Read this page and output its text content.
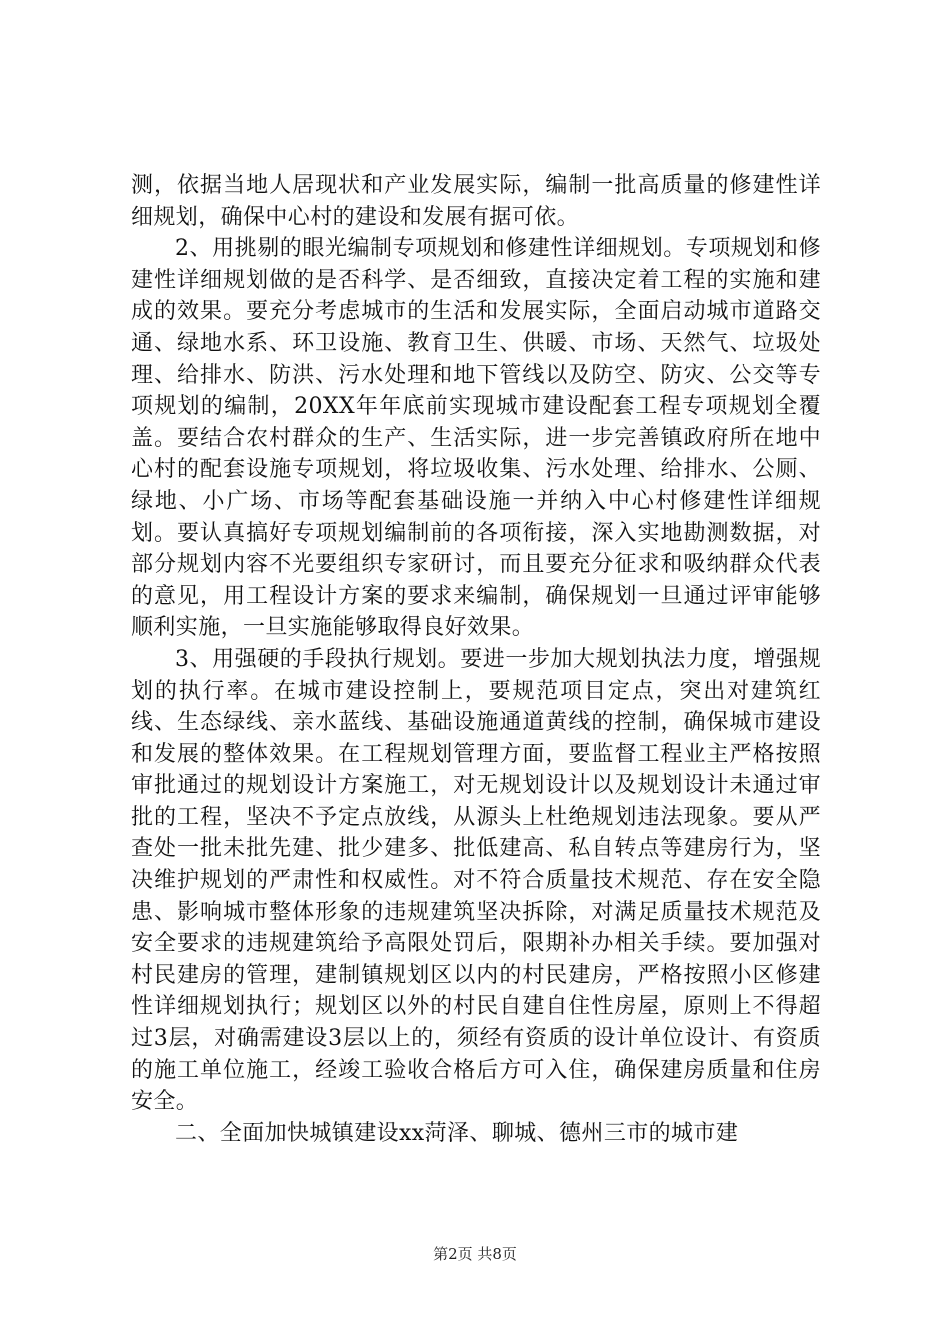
测，依据当地人居现状和产业发展实际，编制一批高质量的修建性详细规划，确保中心村的建设和发展有据可依。

2、用挑剔的眼光编制专项规划和修建性详细规划。专项规划和修建性详细规划做的是否科学、是否细致，直接决定着工程的实施和建成的效果。要充分考虑城市的生活和发展实际，全面启动城市道路交通、绿地水系、环卫设施、教育卫生、供暖、市场、天然气、垃圾处理、给排水、防洪、污水处理和地下管线以及防空、防灾、公交等专项规划的编制，20XX年年底前实现城市建设配套工程专项规划全覆盖。要结合农村群众的生产、生活实际，进一步完善镇政府所在地中心村的配套设施专项规划，将垃圾收集、污水处理、给排水、公厕、绿地、小广场、市场等配套基础设施一并纳入中心村修建性详细规划。要认真搞好专项规划编制前的各项衔接，深入实地勘测数据，对部分规划内容不光要组织专家研讨，而且要充分征求和吸纳群众代表的意见，用工程设计方案的要求来编制，确保规划一旦通过评审能够顺利实施，一旦实施能够取得良好效果。

3、用强硬的手段执行规划。要进一步加大规划执法力度，增强规划的执行率。在城市建设控制上，要规范项目定点，突出对建筑红线、生态绿线、亲水蓝线、基础设施通道黄线的控制，确保城市建设和发展的整体效果。在工程规划管理方面，要监督工程业主严格按照审批通过的规划设计方案施工，对无规划设计以及规划设计未通过审批的工程，坚决不予定点放线，从源头上杜绝规划违法现象。要从严查处一批未批先建、批少建多、批低建高、私自转点等建房行为，坚决维护规划的严肃性和权威性。对不符合质量技术规范、存在安全隐患、影响城市整体形象的违规建筑坚决拆除，对满足质量技术规范及安全要求的违规建筑给予高限处罚后，限期补办相关手续。要加强对村民建房的管理，建制镇规划区以内的村民建房，严格按照小区修建性详细规划执行；规划区以外的村民自建自住性房屋，原则上不得超过3层，对确需建设3层以上的，须经有资质的设计单位设计、有资质的施工单位施工，经竣工验收合格后方可入住，确保建房质量和住房安全。

二、全面加快城镇建设xx菏泽、聊城、德州三市的城市建

第2页 共8页
